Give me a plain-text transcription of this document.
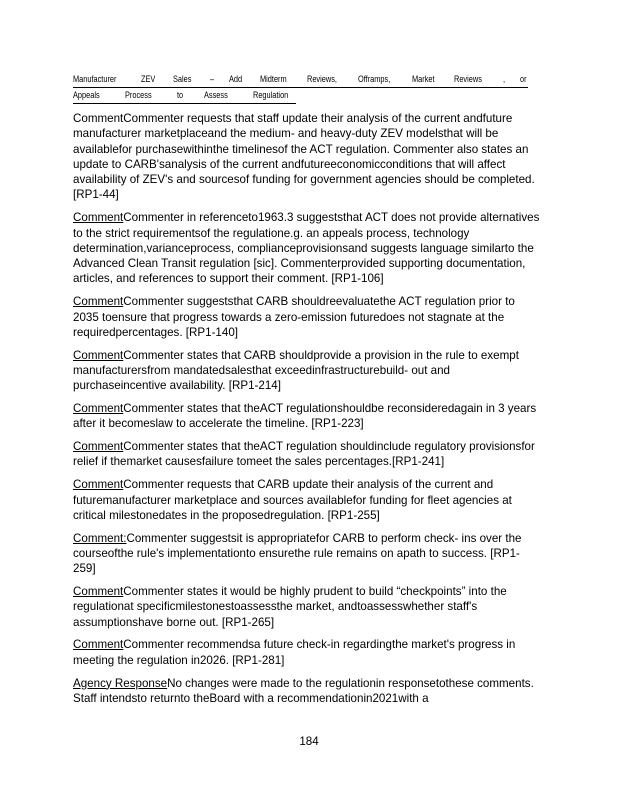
Manufacturer	ZEV Sales – Add Midterm Reviews, Offramps, Market Reviews , or
Appeals	Process	to Assess	Regulation

CommentCommenter requests that staff update their analysis of the current andfuture manufacturer marketplaceand the medium- and heavy-duty ZEV modelsthat will be availablefor purchasewithinthe timelinesof the ACT regulation. Commenter also states an update to CARB'sanalysis of the current andfutureeconomicconditions that will affect availability of ZEV's and sourcesof funding for government agencies should be completed. [RP1-44]

CommentCommenter in referenceto1963.3 suggeststhat ACT does not provide alternatives to the strict requirementsof the regulatione.g. an appeals process, technology determination,varianceprocess, complianceprovisionsand suggests language similarto the Advanced Clean Transit regulation [sic]. Commenterprovided supporting documentation, articles, and references to support their comment. [RP1-106]

CommentCommenter suggeststhat CARB shouldreevaluatethe ACT regulation prior to 2035 toensure that progress towards a zero-emission futuredoes not stagnate at the requiredpercentages. [RP1-140]

CommentCommenter states that CARB shouldprovide a provision in the rule to exempt manufacturersfrom mandatedsalesthat exceedinfrastructurebuild- out and purchaseincentive availability. [RP1-214]

CommentCommenter states that theACT regulationshouldbe reconsideredagain in 3 years after it becomeslaw to accelerate the timeline. [RP1-223]

CommentCommenter states that theACT regulation shouldinclude regulatory provisionsfor relief if themarket causesfailure tomeet the sales percentages.[RP1-241]

CommentCommenter requests that CARB update their analysis of the current and futuremanufacturer marketplace and sources availablefor funding for fleet agencies at critical milestonedates in the proposedregulation. [RP1-255]

Comment:Commenter suggestsit is appropriatefor CARB to perform check- ins over the courseofthe rule's implementationto ensurethe rule remains on apath to success. [RP1-259]

CommentCommenter states it would be highly prudent to build “checkpoints” into the regulationat specificmilestonestoassessthe market, andtoassesswhether staff's assumptionshave borne out. [RP1-265]

CommentCommenter recommendsa future check-in regardingthe market's progress in meeting the regulation in2026. [RP1-281]

Agency ResponseNo changes were made to the regulationin responsetothese comments. Staff intendsto returnto theBoard with a recommendationin2021with a

184
